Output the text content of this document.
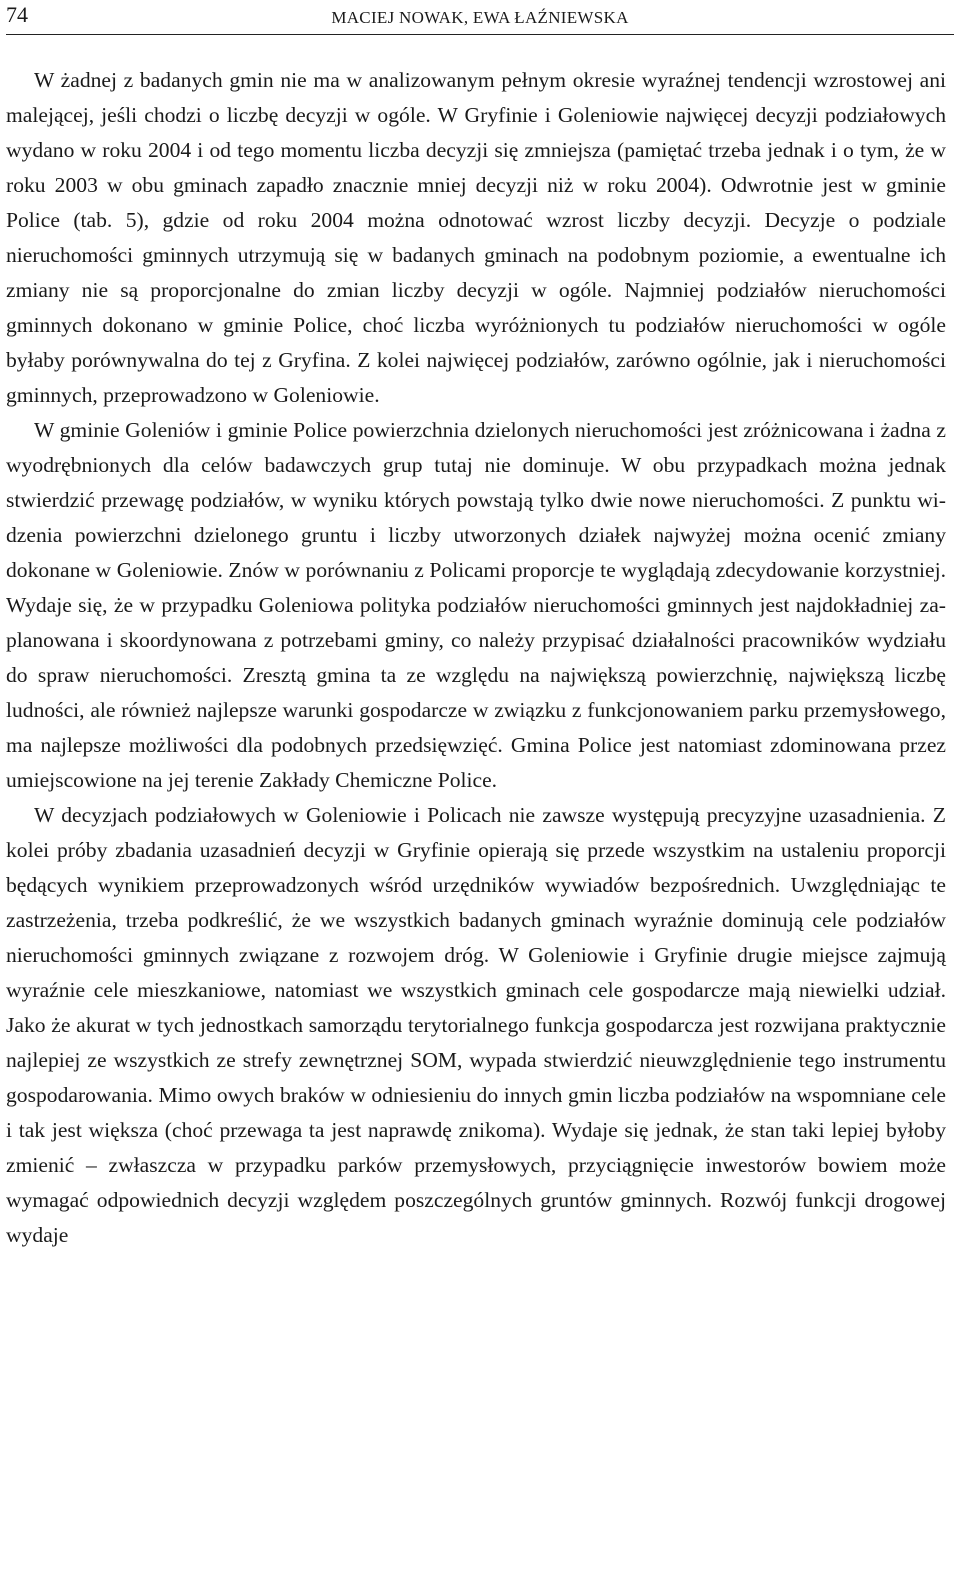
74	MACIEJ NOWAK, EWA ŁAŹNIEWSKA

W żadnej z badanych gmin nie ma w analizowanym pełnym okresie wyraźnej tendencji wzrostowej ani malejącej, jeśli chodzi o liczbę decyzji w ogóle. W Gryfinie i Goleniowie najwięcej decyzji podziałowych wydano w roku 2004 i od tego momentu liczba decyzji się zmniejsza (pamiętać trzeba jednak i o tym, że w roku 2003 w obu gminach zapadło znacznie mniej decyzji niż w roku 2004). Odwrotnie jest w gminie Police (tab. 5), gdzie od roku 2004 można odnotować wzrost liczby decyzji. Decyzje o podziale nieruchomości gminnych utrzymują się w badanych gminach na podobnym poziomie, a ewentualne ich zmiany nie są proporcjonalne do zmian liczby decyzji w ogóle. Najmniej podziałów nieruchomości gminnych dokonano w gminie Police, choć liczba wyróżnionych tu podziałów nieruchomości w ogóle byłaby porównywalna do tej z Gryfina. Z kolei najwięcej podziałów, zarówno ogólnie, jak i nieruchomości gminnych, przeprowadzono w Goleniowie.

W gminie Goleniów i gminie Police powierzchnia dzielonych nieruchomości jest zróżnicowana i żadna z wyodrębnionych dla celów badawczych grup tutaj nie dominuje. W obu przypadkach można jednak stwierdzić przewagę podziałów, w wyniku których powstają tylko dwie nowe nieruchomości. Z punktu widzenia powierzchni dzielonego gruntu i liczby utworzonych działek najwyżej można ocenić zmiany dokonane w Goleniowie. Znów w porównaniu z Policami proporcje te wyglądają zdecydowanie korzystniej. Wydaje się, że w przypadku Goleniowa polityka podziałów nieruchomości gminnych jest najdokładniej zaplanowana i skoordynowana z potrzebami gminy, co należy przypisać działalności pracowników wydziału do spraw nieruchomości. Zresztą gmina ta ze względu na największą powierzchnię, największą liczbę ludności, ale również najlepsze warunki gospodarcze w związku z funkcjonowaniem parku przemysłowego, ma najlepsze możliwości dla podobnych przedsięwzięć. Gmina Police jest natomiast zdominowana przez umiejscowione na jej terenie Zakłady Chemiczne Police.

W decyzjach podziałowych w Goleniowie i Policach nie zawsze występują precyzyjne uzasadnienia. Z kolei próby zbadania uzasadnień decyzji w Gryfinie opierają się przede wszystkim na ustaleniu proporcji będących wynikiem przeprowadzonych wśród urzędników wywiadów bezpośrednich. Uwzględniając te zastrzeżenia, trzeba podkreślić, że we wszystkich badanych gminach wyraźnie dominują cele podziałów nieruchomości gminnych związane z rozwojem dróg. W Goleniowie i Gryfinie drugie miejsce zajmują wyraźnie cele mieszkaniowe, natomiast we wszystkich gminach cele gospodarcze mają niewielki udział. Jako że akurat w tych jednostkach samorządu terytorialnego funkcja gospodarcza jest rozwijana praktycznie najlepiej ze wszystkich ze strefy zewnętrznej SOM, wypada stwierdzić nieuwzględnienie tego instrumentu gospodarowania. Mimo owych braków w odniesieniu do innych gmin liczba podziałów na wspomniane cele i tak jest większa (choć przewaga ta jest naprawdę znikoma). Wydaje się jednak, że stan taki lepiej byłoby zmienić – zwłaszcza w przypadku parków przemysłowych, przyciągnięcie inwestorów bowiem może wymagać odpowiednich decyzji względem poszczególnych gruntów gminnych. Rozwój funkcji drogowej wydaje
